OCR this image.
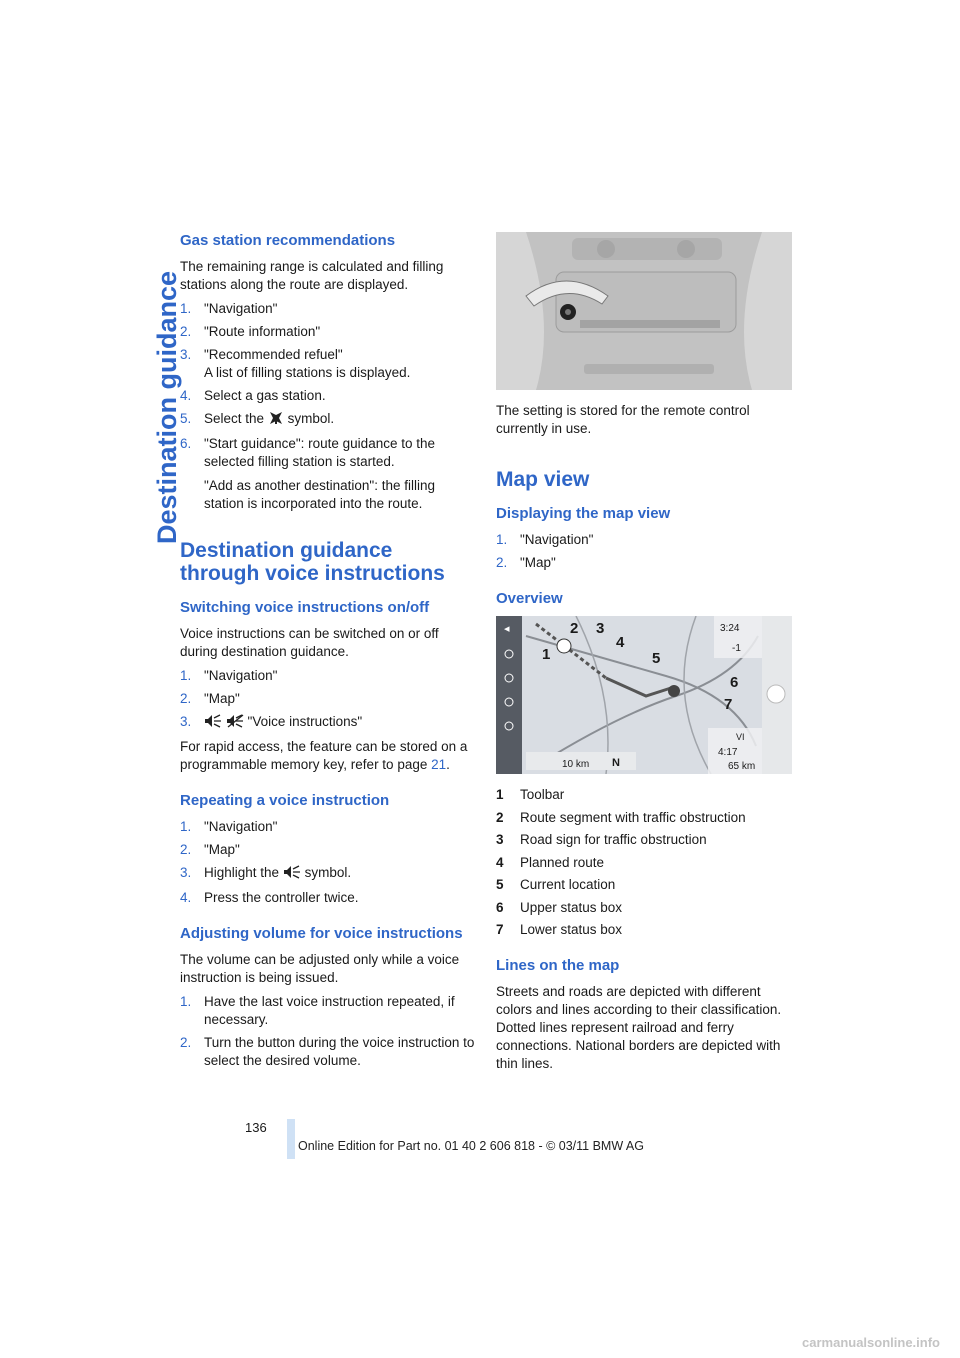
Destination guidance
Gas station recommendations

The remaining range is calculated and filling stations along the route are displayed.

1. "Navigation"
2. "Route information"
3. "Recommended refuel"
A list of filling stations is displayed.
4. Select a gas station.
5. Select the symbol.
6. "Start guidance": route guidance to the selected filling station is started.
"Add as another destination": the filling station is incorporated into the route.
Destination guidance through voice instructions
Switching voice instructions on/off

Voice instructions can be switched on or off during destination guidance.

1. "Navigation"
2. "Map"
3.	"Voice instructions"

For rapid access, the feature can be stored on a programmable memory key, refer to page 21.

Repeating a voice instruction
1. "Navigation"
2. "Map"
3. Highlight the symbol.
4. Press the controller twice.
Adjusting volume for voice instructions

The volume can be adjusted only while a voice instruction is being issued.

1. Have the last voice instruction repeated, if necessary.
2. Turn the button during the voice instruction to select the desired volume.

The setting is stored for the remote control currently in use.

Map view
Displaying the map view
1. "Navigation"
2. "Map"
Overview
◂	3:24
-1
VI
4:17
65 km
10 km N
1
2 3
4
5
6
7
1 Toolbar
2 Route segment with traffic obstruction
3 Road sign for traffic obstruction
4 Planned route
5 Current location
6 Upper status box
7 Lower status box
Lines on the map

Streets and roads are depicted with different colors and lines according to their classification. Dotted lines represent railroad and ferry connections. National borders are depicted with thin lines.

136
Online Edition for Part no. 01 40 2 606 818 - © 03/11 BMW AG
carmanualsonline.info
